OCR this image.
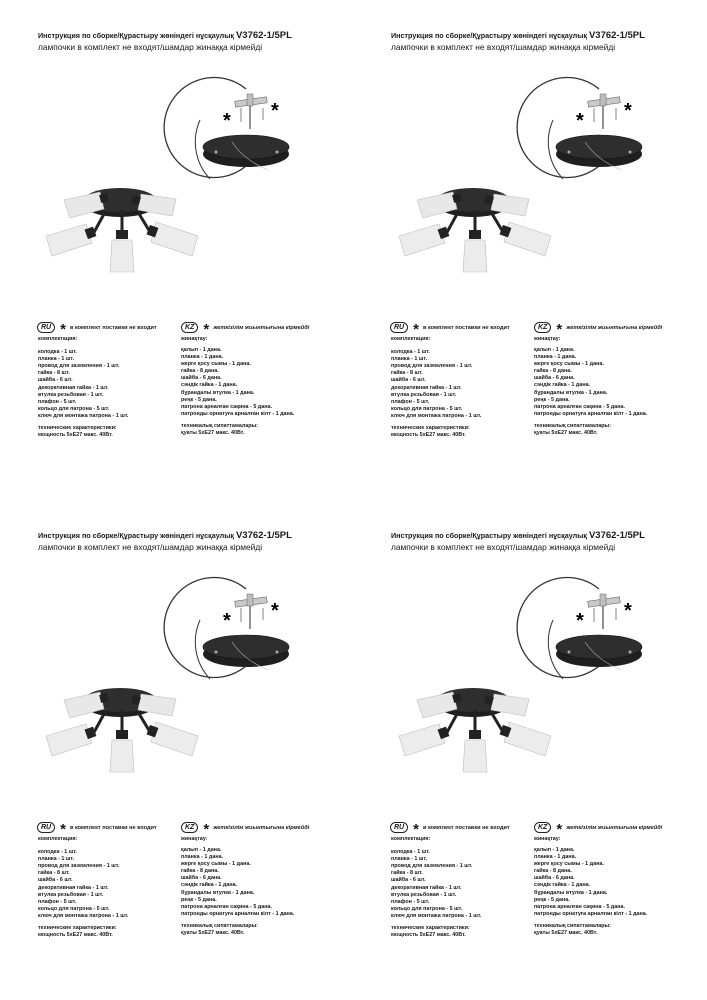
Инструкция по сборке/Құрастыру жөніндегі нұсқаулық V3762-1/5PL
лампочки в комплект не входят/шамдар жинаққа кірмейді
* *
RU * в комплект поставки не входит
комплектация:
колодка - 1 шт.
планка - 1 шт.
провод для заземления - 1 шт.
гайка - 8 шт.
шайба - 6 шт.
декоративная гайка - 1 шт.
втулка резьбовая - 1 шт.
плафон - 5 шт.
кольцо для патрона - 5 шт.
ключ для монтажа патрона - 1 шт.
технические характеристики:
мощность 5xE27 макс. 40Вт.
KZ * жеткізілім жиынтығына кірмейді
жинақтау:
қалып - 1 дана.
планка - 1 дана.
жерге қосу сымы - 1 дана.
гайка - 8 дана.
шайба - 6 дана.
сәндік гайка - 1 дана.
бұрандалы втулка - 1 дана.
реңк - 5 дана.
патрона арналған сақина - 5 дана.
патронды орнатуға арналған кілт - 1 дана.
техникалық сипаттамалары:
қуаты 5xE27 макс. 40Вт.
Инструкция по сборке/Құрастыру жөніндегі нұсқаулық V3762-1/5PL
лампочки в комплект не входят/шамдар жинаққа кірмейді
* *
RU * в комплект поставки не входит
комплектация:
колодка - 1 шт.
планка - 1 шт.
провод для заземления - 1 шт.
гайка - 8 шт.
шайба - 6 шт.
декоративная гайка - 1 шт.
втулка резьбовая - 1 шт.
плафон - 5 шт.
кольцо для патрона - 5 шт.
ключ для монтажа патрона - 1 шт.
технические характеристики:
мощность 5xE27 макс. 40Вт.
KZ * жеткізілім жиынтығына кірмейді
жинақтау:
қалып - 1 дана.
планка - 1 дана.
жерге қосу сымы - 1 дана.
гайка - 8 дана.
шайба - 6 дана.
сәндік гайка - 1 дана.
бұрандалы втулка - 1 дана.
реңк - 5 дана.
патрона арналған сақина - 5 дана.
патронды орнатуға арналған кілт - 1 дана.
техникалық сипаттамалары:
қуаты 5xE27 макс. 40Вт.
Инструкция по сборке/Құрастыру жөніндегі нұсқаулық V3762-1/5PL
лампочки в комплект не входят/шамдар жинаққа кірмейді
* *
RU * в комплект поставки не входит
комплектация:
колодка - 1 шт.
планка - 1 шт.
провод для заземления - 1 шт.
гайка - 8 шт.
шайба - 6 шт.
декоративная гайка - 1 шт.
втулка резьбовая - 1 шт.
плафон - 5 шт.
кольцо для патрона - 5 шт.
ключ для монтажа патрона - 1 шт.
технические характеристики:
мощность 5xE27 макс. 40Вт.
KZ * жеткізілім жиынтығына кірмейді
жинақтау:
қалып - 1 дана.
планка - 1 дана.
жерге қосу сымы - 1 дана.
гайка - 8 дана.
шайба - 6 дана.
сәндік гайка - 1 дана.
бұрандалы втулка - 1 дана.
реңк - 5 дана.
патрона арналған сақина - 5 дана.
патронды орнатуға арналған кілт - 1 дана.
техникалық сипаттамалары:
қуаты 5xE27 макс. 40Вт.
Инструкция по сборке/Құрастыру жөніндегі нұсқаулық V3762-1/5PL
лампочки в комплект не входят/шамдар жинаққа кірмейді
* *
RU * в комплект поставки не входит
комплектация:
колодка - 1 шт.
планка - 1 шт.
провод для заземления - 1 шт.
гайка - 8 шт.
шайба - 6 шт.
декоративная гайка - 1 шт.
втулка резьбовая - 1 шт.
плафон - 5 шт.
кольцо для патрона - 5 шт.
ключ для монтажа патрона - 1 шт.
технические характеристики:
мощность 5xE27 макс. 40Вт.
KZ * жеткізілім жиынтығына кірмейді
жинақтау:
қалып - 1 дана.
планка - 1 дана.
жерге қосу сымы - 1 дана.
гайка - 8 дана.
шайба - 6 дана.
сәндік гайка - 1 дана.
бұрандалы втулка - 1 дана.
реңк - 5 дана.
патрона арналған сақина - 5 дана.
патронды орнатуға арналған кілт - 1 дана.
техникалық сипаттамалары:
қуаты 5xE27 макс. 40Вт.
